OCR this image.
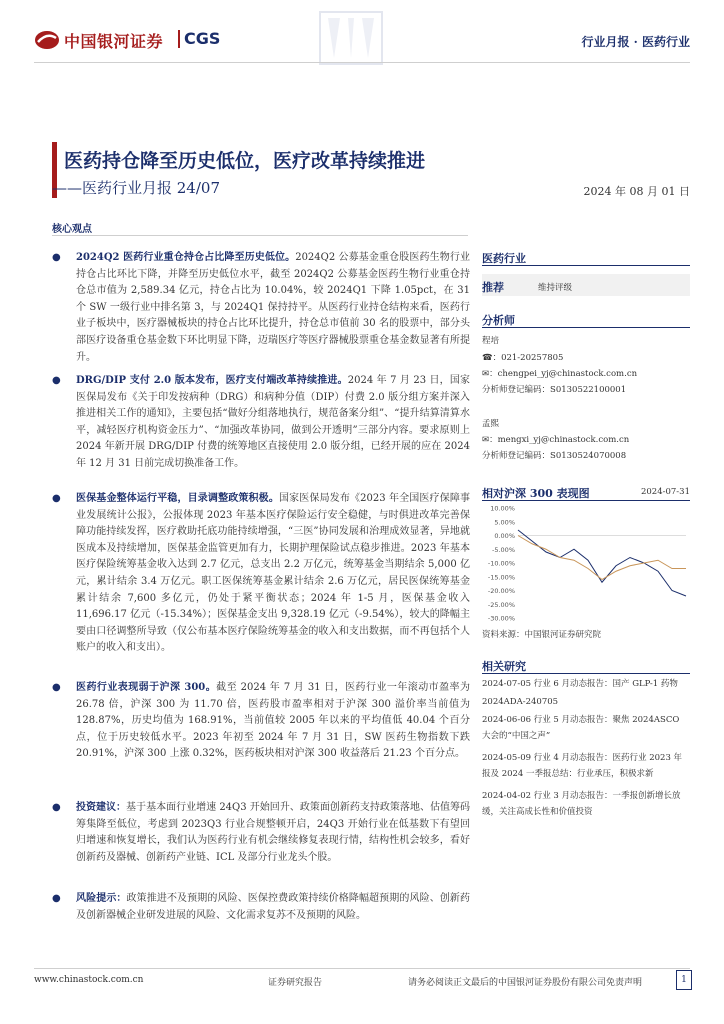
中国银河证券 CGS	行业月报 · 医药行业
医药持仓降至历史低位，医疗改革持续推进
——医药行业月报 24/07	2024 年 08 月 01 日
核心观点
● 2024Q2 医药行业重仓持仓占比降至历史低位。2024Q2 公募基金重仓股医药生物行业持仓占比环比下降，并降至历史低位水平，截至 2024Q2 公募基金医药生物行业重仓持仓总市值为 2,589.34 亿元，持仓占比为 10.04%，较 2024Q1 下降 1.05pct，在 31 个 SW 一级行业中排名第 3，与 2024Q1 保持持平。从医药行业持仓结构来看，医药行业子板块中，医疗器械板块的持仓占比环比提升，持仓总市值前 30 名的股票中，部分头部医疗设备重仓基金数下环比明显下降，迈瑞医疗等医疗器械股票重仓基金数显著有所提升。
● DRG/DIP 支付 2.0 版本发布，医疗支付端改革持续推进。2024 年 7 月 23 日，国家医保局发布《关于印发按病种（DRG）和病种分值（DIP）付费 2.0 版分组方案并深入推进相关工作的通知》，主要包括“做好分组落地执行，规范备案分组”、“提升结算清算水平，减轻医疗机构资金压力”、“加强改革协同，做到公开透明”三部分内容。要求原则上 2024 年新开展 DRG/DIP 付费的统筹地区直接使用 2.0 版分组，已经开展的应在 2024 年 12 月 31 日前完成切换准备工作。
● 医保基金整体运行平稳，目录调整政策积极。国家医保局发布《2023 年全国医疗保障事业发展统计公报》，公报体现 2023 年基本医疗保险运行安全稳健，与时俱进改革完善保障功能持续发挥，医疗救助托底功能持续增强，“三医”协同发展和治理成效显著，异地就医成本及持续增加，医保基金监管更加有力，长期护理保险试点稳步推进。2023 年基本医疗保险统筹基金收入达到 2.7 亿元，总支出 2.2 万亿元，统筹基金当期结余 5,000 亿元，累计结余 3.4 万亿元。职工医保统筹基金累计结余 2.6 万亿元，居民医保统筹基金累计结余 7,600 多亿元，仍处于紧平衡状态；2024 年 1-5 月，医保基金收入 11,696.17 亿元（-15.34%）；医保基金支出 9,328.19 亿元（-9.54%），较大的降幅主要由口径调整所导致（仅公布基本医疗保险统筹基金的收入和支出数据，而不再包括个人账户的收入和支出）。
● 医药行业表现弱于沪深 300。截至 2024 年 7 月 31 日，医药行业一年滚动市盈率为 26.78 倍，沪深 300 为 11.70 倍，医药股市盈率相对于沪深 300 溢价率当前值为 128.87%，历史均值为 168.91%，当前值较 2005 年以来的平均值低 40.04 个百分点，位于历史较低水平。2023 年初至 2024 年 7 月 31 日，SW 医药生物指数下跌 20.91%，沪深 300 上涨 0.32%，医药板块相对沪深 300 收益落后 21.23 个百分点。
● 投资建议：基于基本面行业增速 24Q3 开始回升、政策面创新药支持政策落地、估值筹码筹集降至低位，考虑到 2023Q3 行业合规整顿开启，24Q3 开始行业在低基数下有望回归增速和恢复增长，我们认为医药行业有机会继续修复表现行情，结构性机会较多，看好创新药及器械、创新药产业链、ICL 及部分行业龙头个股。
● 风险提示：政策推进不及预期的风险、医保控费政策持续价格降幅超预期的风险、创新药及创新器械企业研发进展的风险、文化需求复苏不及预期的风险。
医药行业
推荐	维持评级
分析师
程培
☎：021-20257805
✉：chengpei_yj@chinastock.com.cn
分析师登记编码：S0130522100001
孟熙
✉：mengxi_yj@chinastock.com.cn
分析师登记编码：S0130524070008
相对沪深 300 表现图	2024-07-31
10.00%
5.00%
0.00%
-5.00%
-10.00%
-15.00%
-20.00%
-25.00%
-30.00%
资料来源：中国银河证券研究院
相关研究
2024-07-05 行业 6 月动态报告：国产 GLP-1 药物
2024ADA-240705
2024-06-06 行业 5 月动态报告：聚焦 2024ASCO 大会的“中国之声”
2024-05-09 行业 4 月动态报告：医药行业 2023 年报及 2024 一季报总结：行业承压，积极求新
2024-04-02 行业 3 月动态报告：一季报创新增长放缓，关注高成长性和价值投资
www.chinastock.com.cn	证券研究报告	请务必阅读正文最后的中国银河证券股份有限公司免责声明	1
